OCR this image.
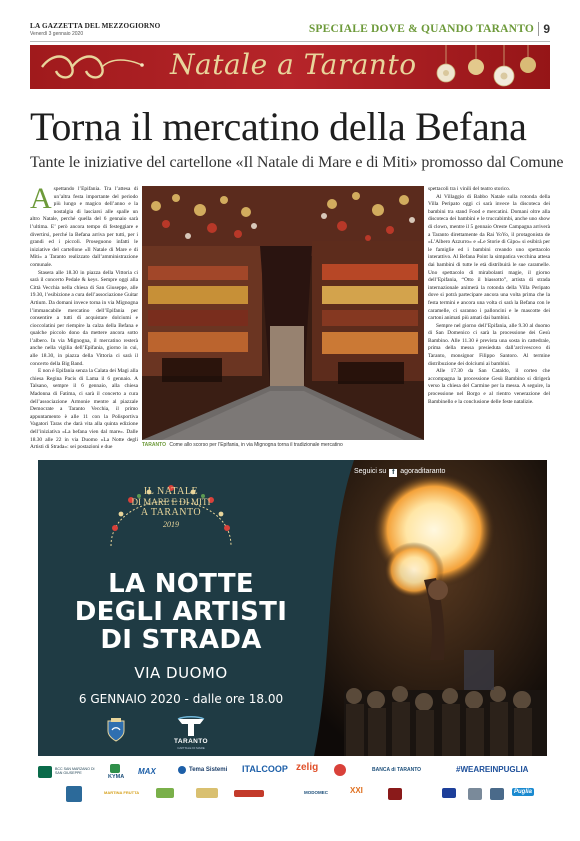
LA GAZZETTA DEL MEZZOGIORNO
Venerdì 3 gennaio 2020	SPECIALE DOVE & QUANDO TARANTO 9
Natale a Taranto
Torna il mercatino della Befana
Tante le iniziative del cartellone «Il Natale di Mare e di Miti» promosso dal Comune

Aspettando l’Epifania. Tra l’attesa di un’altra festa importante del periodo più lungo e magico dell’anno e la nostalgia di lasciarsi alle spalle un altro Natale, perché quella del 6 gennaio sarà l’ultima. E’ però ancora tempo di festeggiare e divertirsi, perché la Befana arriva per tutti, per i grandi ed i piccoli. Proseguono infatti le iniziative del cartellone «Il Natale di Mare e di Miti» a Taranto realizzato dall’amministrazione comunale.

Stasera alle 18.30 in piazza della Vittoria ci sarà il concerto Pedale & keys. Sempre oggi alla Città Vecchia nella chiesa di San Giuseppe, alle 19.30, l’esibizione a cura dell’associazione Guitar Artium. Da domani invece torna in via Mignogna l’immancabile mercatino dell’Epifania per consentire a tutti di acquistare dolciumi e cioccolatini per riempire la calza della Befana e qualche piccolo dono da mettere ancora sotto l’albero. In via Mignogna, il mercatino resterà anche nella vigilia dell’Epifania, giorno in cui, alle 18.30, in piazza della Vittoria ci sarà il concerto della Big Band.

E non è Epifania senza la Calata dei Magi alla chiesa Regina Pacis di Lama il 6 gennaio. A Talsano, sempre il 6 gennaio, alla chiesa Madonna di Fatima, ci sarà il concerto a cura dell’associazione Armonie mentre al piazzale Democrate a Taranto Vecchia, il primo appuntamento è alle 11 con la Polisportiva Vagatori Taras che darà vita alla quinta edizione dell’iniziativa «La befana vien dal mare». Dalle 18.30 alle 22 in via Duomo «La Notte degli Artisti di Strada»: sei postazioni e due	TARANTO Come allo scorso per l’Epifania, in via Mignogna torna il tradizionale mercatino

spettacoli tra i vinili del teatro storico.

Al Villaggio di Babbo Natale sulla rotonda della Villa Peripato oggi ci sarà invece la discoteca dei bambini tra stand Food e mercatini. Domani oltre alla discoteca dei bambini e le truccabimbi, anche uno show di clown, mentre il 5 gennaio Oreste Campagna arriverà a Taranto direttamente da Rai YoYo, il protagonista de «L’Albero Azzurro» e «Le Storie di Gipo» si esibirà per le famiglie ed i bambini creando uno spettacolo interattivo. Al Befana Point la simpatica vecchina attesa dai bambini di tutte le età distribuirà le sue caramelle. Uno spettacolo di mirabolanti magie, il giorno dell’Epifania, “Otto il biassotto”, artista di strada internazionale animerà la rotonda della Villa Peripato dove si potrà partecipare ancora una volta prima che la festa termini e ancora una volta ci sarà la Befana con le caramelle, ci saranno i palloncini e le mascotte dei cartoni animati più amati dai bambini.

Sempre nel giorno dell’Epifania, alle 9.30 al duomo di San Domenico ci sarà la processione dei Gesù Bambino. Alle 11.30 è prevista una sosta in cattedrale, prima della messa presieduta dall’arcivescovo di Taranto, monsignor Filippo Santoro. Al termine distribuzione dei dolciumi ai bambini.

Alle 17.30 da San Cataldo, il corteo che accompagna la processione Gesù Bambino si dirigerà verso la chiesa del Carmine per la messa. A seguire, la processione nel Borgo e al rientro venerazione del Bambinello e la conclusione delle feste natalizie.

Seguici su f agoraditaranto
IL NATALE
DI MARE E DI MITI
A TARANTO
2019
LA NOTTE
DEGLI ARTISTI
DI STRADA
VIA DUOMO
6 GENNAIO 2020 - dalle ore 18.00
TARANTO
CAPITALE DI MARE
BCC SAN MARZANO DI SAN GIUSEPPE
KYMA
MAX	Tema Sistemi ITALCOOP zelig	BANCA di TARANTO	#WEAREINPUGLIA
MARTINA FRUTTA	MODOMEC	XXI	Puglia
